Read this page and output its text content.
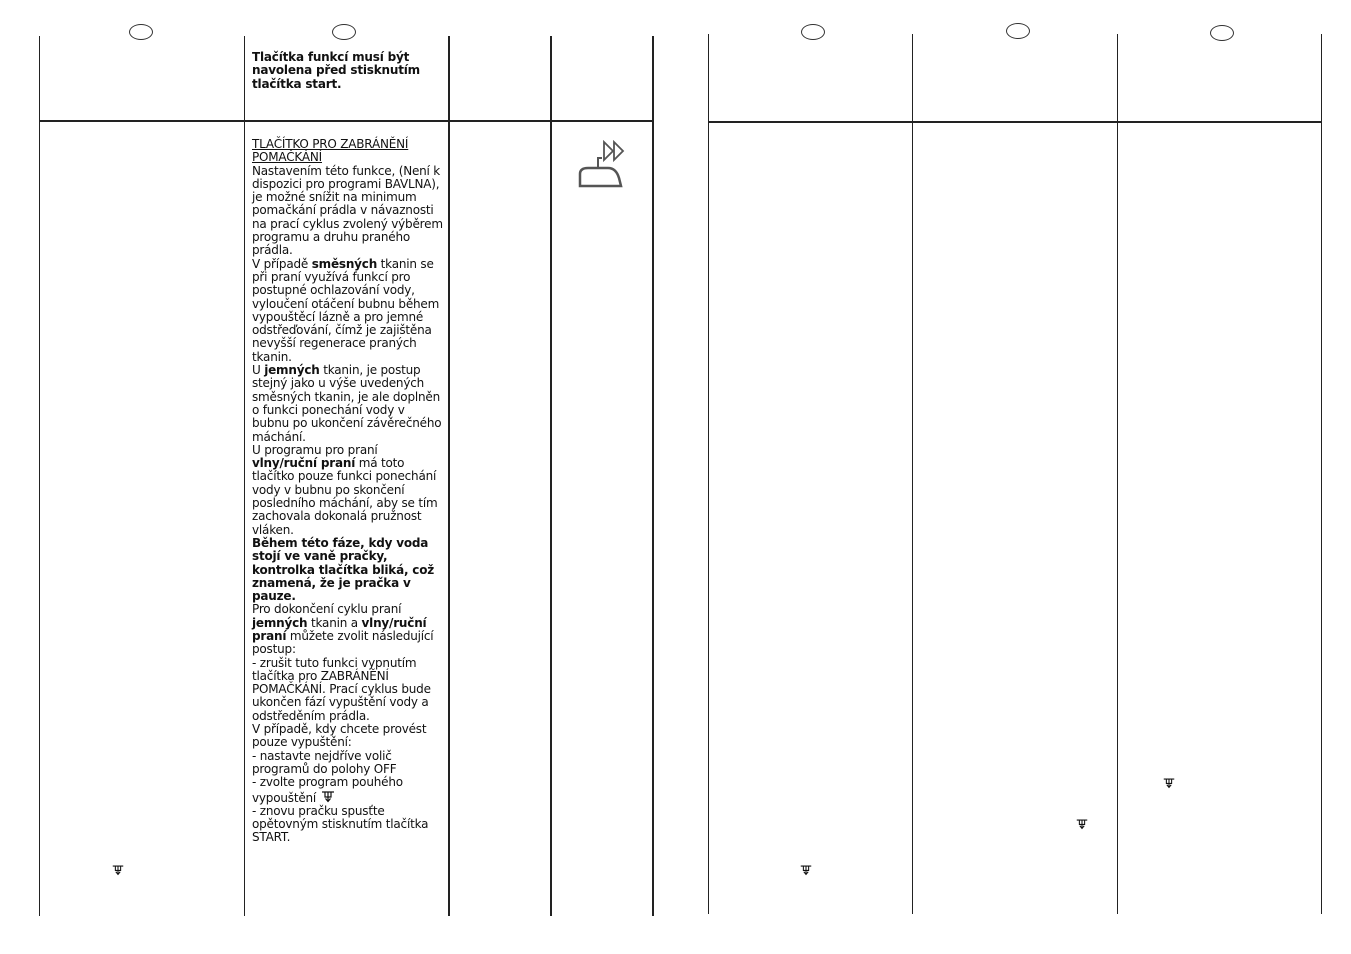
Tlačítka funkcí musí být navolena před stisknutím tlačítka start.

TLAČÍTKO PRO ZABRÁNĚNÍ POMAČKÁNÍ

Nastavením této funkce, (Není k dispozici pro programi BAVLNA), je možné snížit na minimum pomačkání prádla v návaznosti na prací cyklus zvolený výběrem programu a druhu praného prádla.

V případě směsných tkanin se při praní využívá funkcí pro postupné ochlazování vody, vyloučení otáčení bubnu během vypouštěcí lázně a pro jemné odstřeďování, čímž je zajištěna nevyšší regenerace praných tkanin.

U jemných tkanin, je postup stejný jako u výše uvedených směsných tkanin, je ale doplněn o funkci ponechání vody v bubnu po ukončení závěrečného máchání.

U programu pro praní vlny/ruční praní má toto tlačítko pouze funkci ponechání vody v bubnu po skončení posledního máchání, aby se tím zachovala dokonalá pružnost vláken.

Během této fáze, kdy voda stojí ve vaně pračky, kontrolka tlačítka bliká, což znamená, že je pračka v pauze.

Pro dokončení cyklu praní jemných tkanin a vlny/ruční praní můžete zvolit následující postup:

- zrušit tuto funkci vypnutím tlačítka pro ZABRÁNĚNÍ POMAČKÁNÍ. Prací cyklus bude ukončen fází vypuštění vody a odstředěním prádla.

V případě, kdy chcete provést pouze vypuštění:

- nastavte nejdříve volič programů do polohy OFF

- zvolte program pouhého vypouštění

- znovu pračku spusťte opětovným stisknutím tlačítka START.
